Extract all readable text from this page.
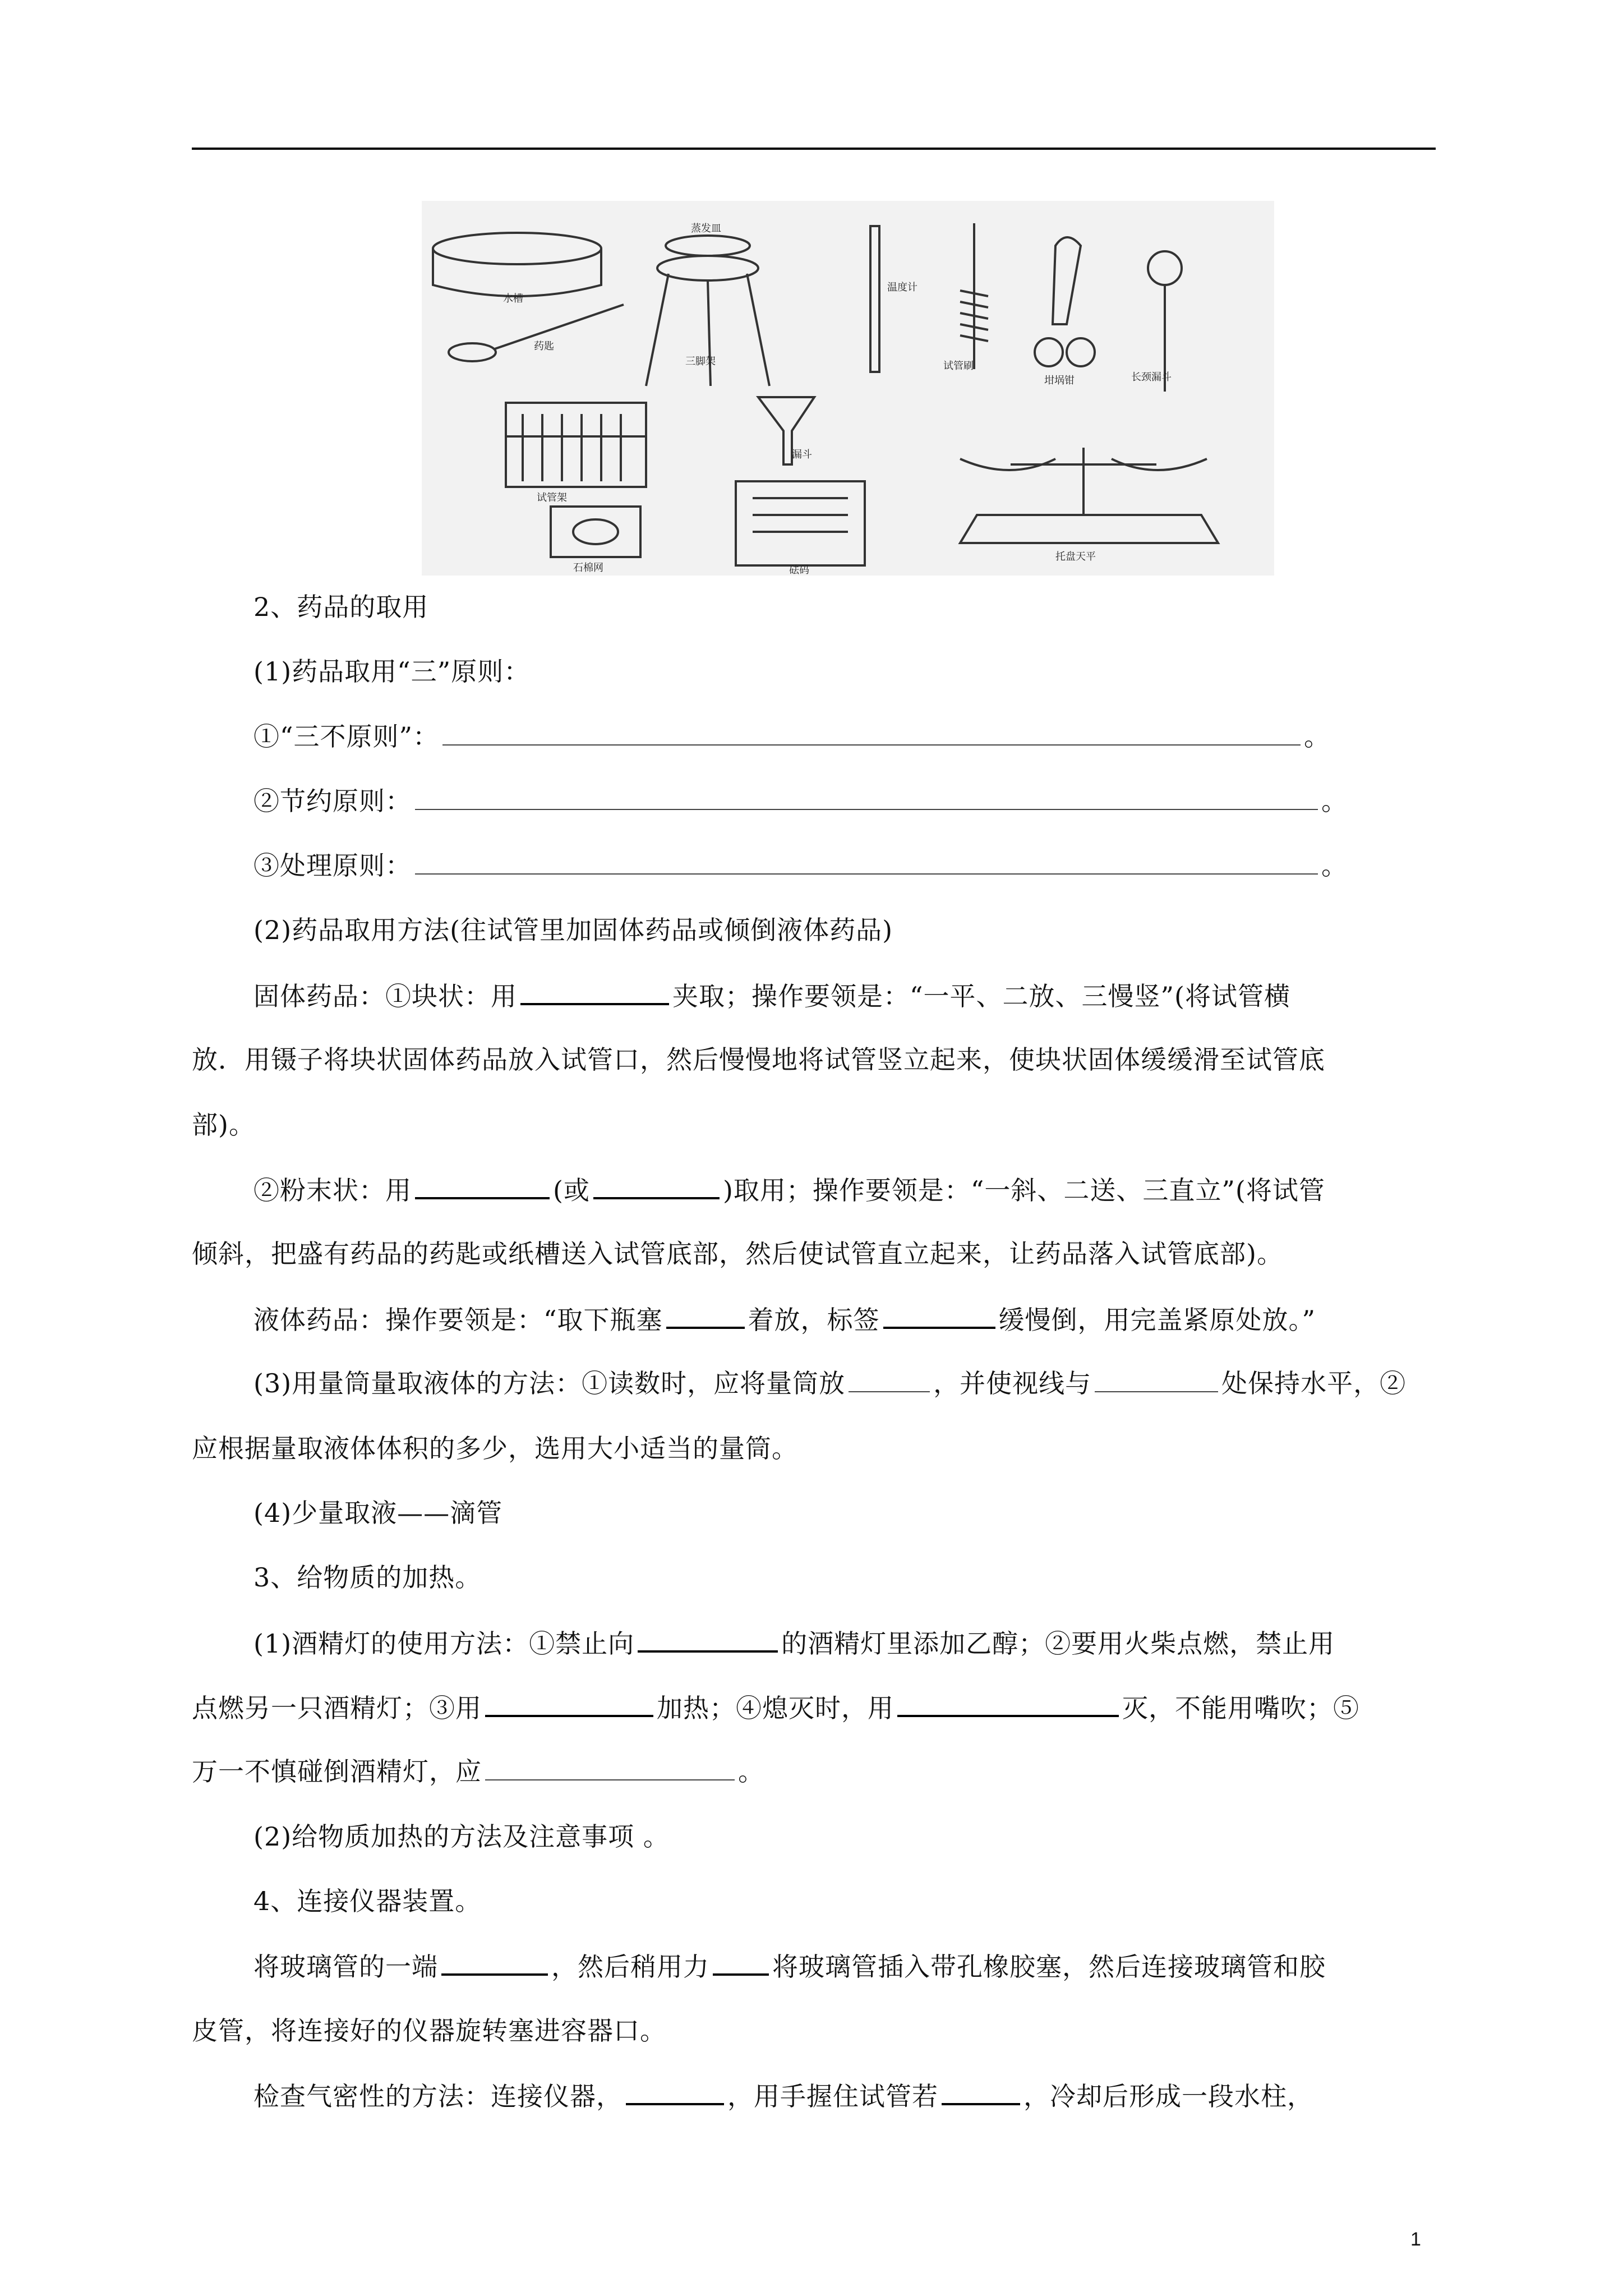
水槽
蒸发皿
药匙
三脚架
温度计
试管刷
坩埚钳	长颈漏斗
试管架
漏斗
石棉网	砝码
托盘天平
2、药品的取用
(1)药品取用“三”原则：
①“三不原则”：	。
②节约原则：	。
③处理原则：	。
(2)药品取用方法(往试管里加固体药品或倾倒液体药品)
固体药品：①块状：用	夹取；操作要领是：“一平、二放、三慢竖”(将试管横
放．用镊子将块状固体药品放入试管口，然后慢慢地将试管竖立起来，使块状固体缓缓滑至试管底
部)。
②粉末状：用	(或	)取用；操作要领是：“一斜、二送、三直立”(将试管
倾斜，把盛有药品的药匙或纸槽送入试管底部，然后使试管直立起来，让药品落入试管底部)。
液体药品：操作要领是：“取下瓶塞	着放，标签	缓慢倒，用完盖紧原处放。”
(3)用量筒量取液体的方法：①读数时，应将量筒放	，并使视线与	处保持水平，②
应根据量取液体体积的多少，选用大小适当的量筒。
(4)少量取液——滴管
3、给物质的加热。
(1)酒精灯的使用方法：①禁止向	的酒精灯里添加乙醇；②要用火柴点燃，禁止用
点燃另一只酒精灯；③用	加热；④熄灭时，用	灭，不能用嘴吹；⑤
万一不慎碰倒酒精灯，应	。
(2)给物质加热的方法及注意事项 。
4、连接仪器装置。
将玻璃管的一端	，然后稍用力 将玻璃管插入带孔橡胶塞，然后连接玻璃管和胶
皮管，将连接好的仪器旋转塞进容器口。
检查气密性的方法：连接仪器，	，用手握住试管若	，冷却后形成一段水柱，
1
